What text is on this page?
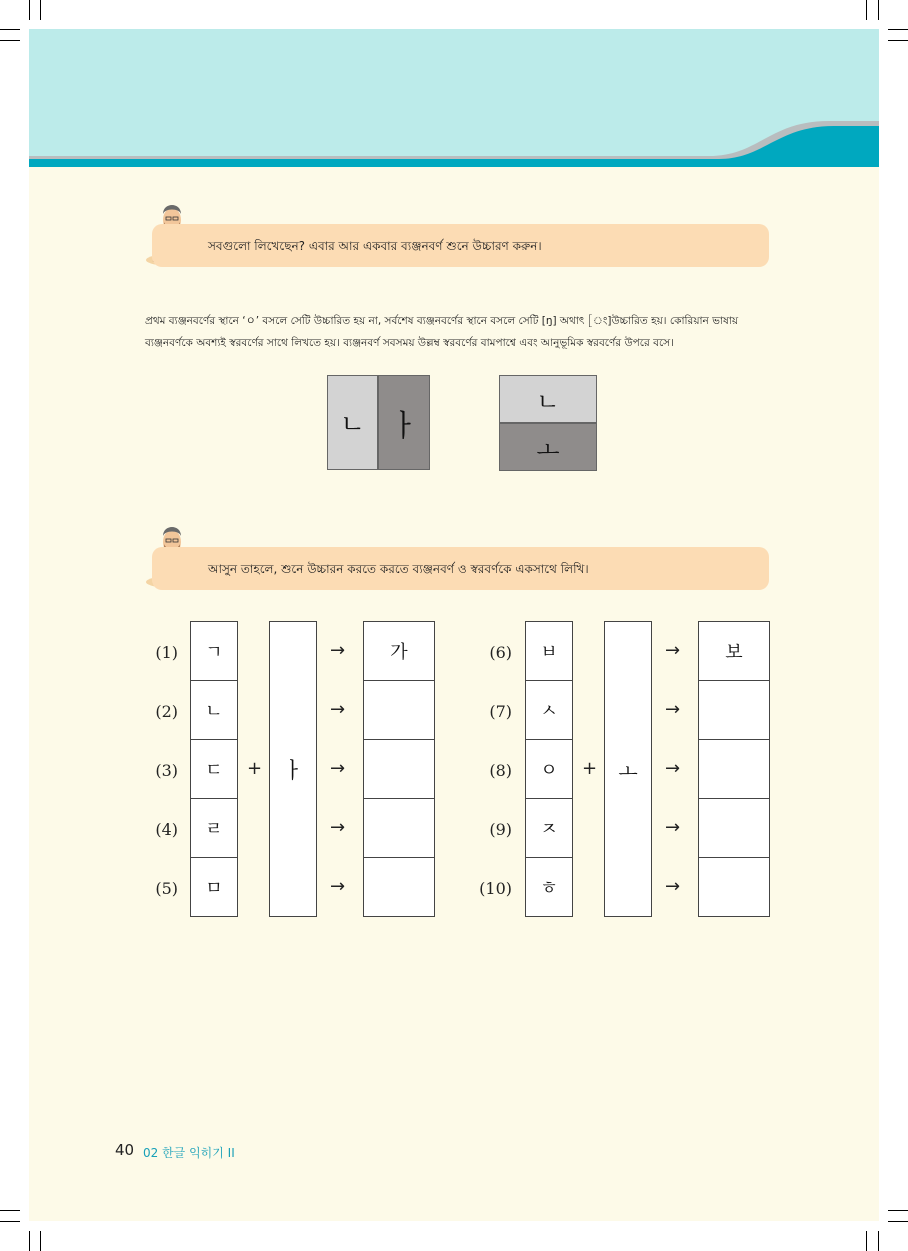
সবগুলো লিখেছেন? এবার আর একবার ব্যঞ্জনবর্ণ শুনে উচ্চারণ করুন।
প্রথম ব্যঞ্জনবর্ণের স্থানে ‘ㅇ’ বসলে সেটি উচ্চারিত হয় না, সর্বশেষ ব্যঞ্জনবর্ণের স্থানে বসলে সেটি [ŋ] অথাৎ [ং]উচ্চারিত হয়। কোরিয়ান ভাষায়
ব্যঞ্জনবর্ণকে অবশ্যই স্বরবর্ণের সাথে লিখতে হয়। ব্যঞ্জনবর্ণ সবসময় উল্লম্ব স্বরবর্ণের বামপাশ্বে এবং আনুভূমিক স্বরবর্ণের উপরে বসে।
ㄴ ㅏ
ㄴ
ㅗ
আসুন তাহলে, শুনে উচ্চারন করতে করতে ব্যঞ্জনবর্ণ ও স্বরবর্ণকে একসাথে লিখি।
(1)
(2)
(3)
(4)
(5)
ㄱ
ㄴ
ㄷ
ㄹ
ㅁ
+ ㅏ
→
→
→
→
→
가	(6)
(7)
(8)
(9)
(10)
ㅂ
ㅅ
ㅇ
ㅈ
ㅎ
+	ㅗ
→
→
→
→
→
보
40 02 한글 익히기 II
